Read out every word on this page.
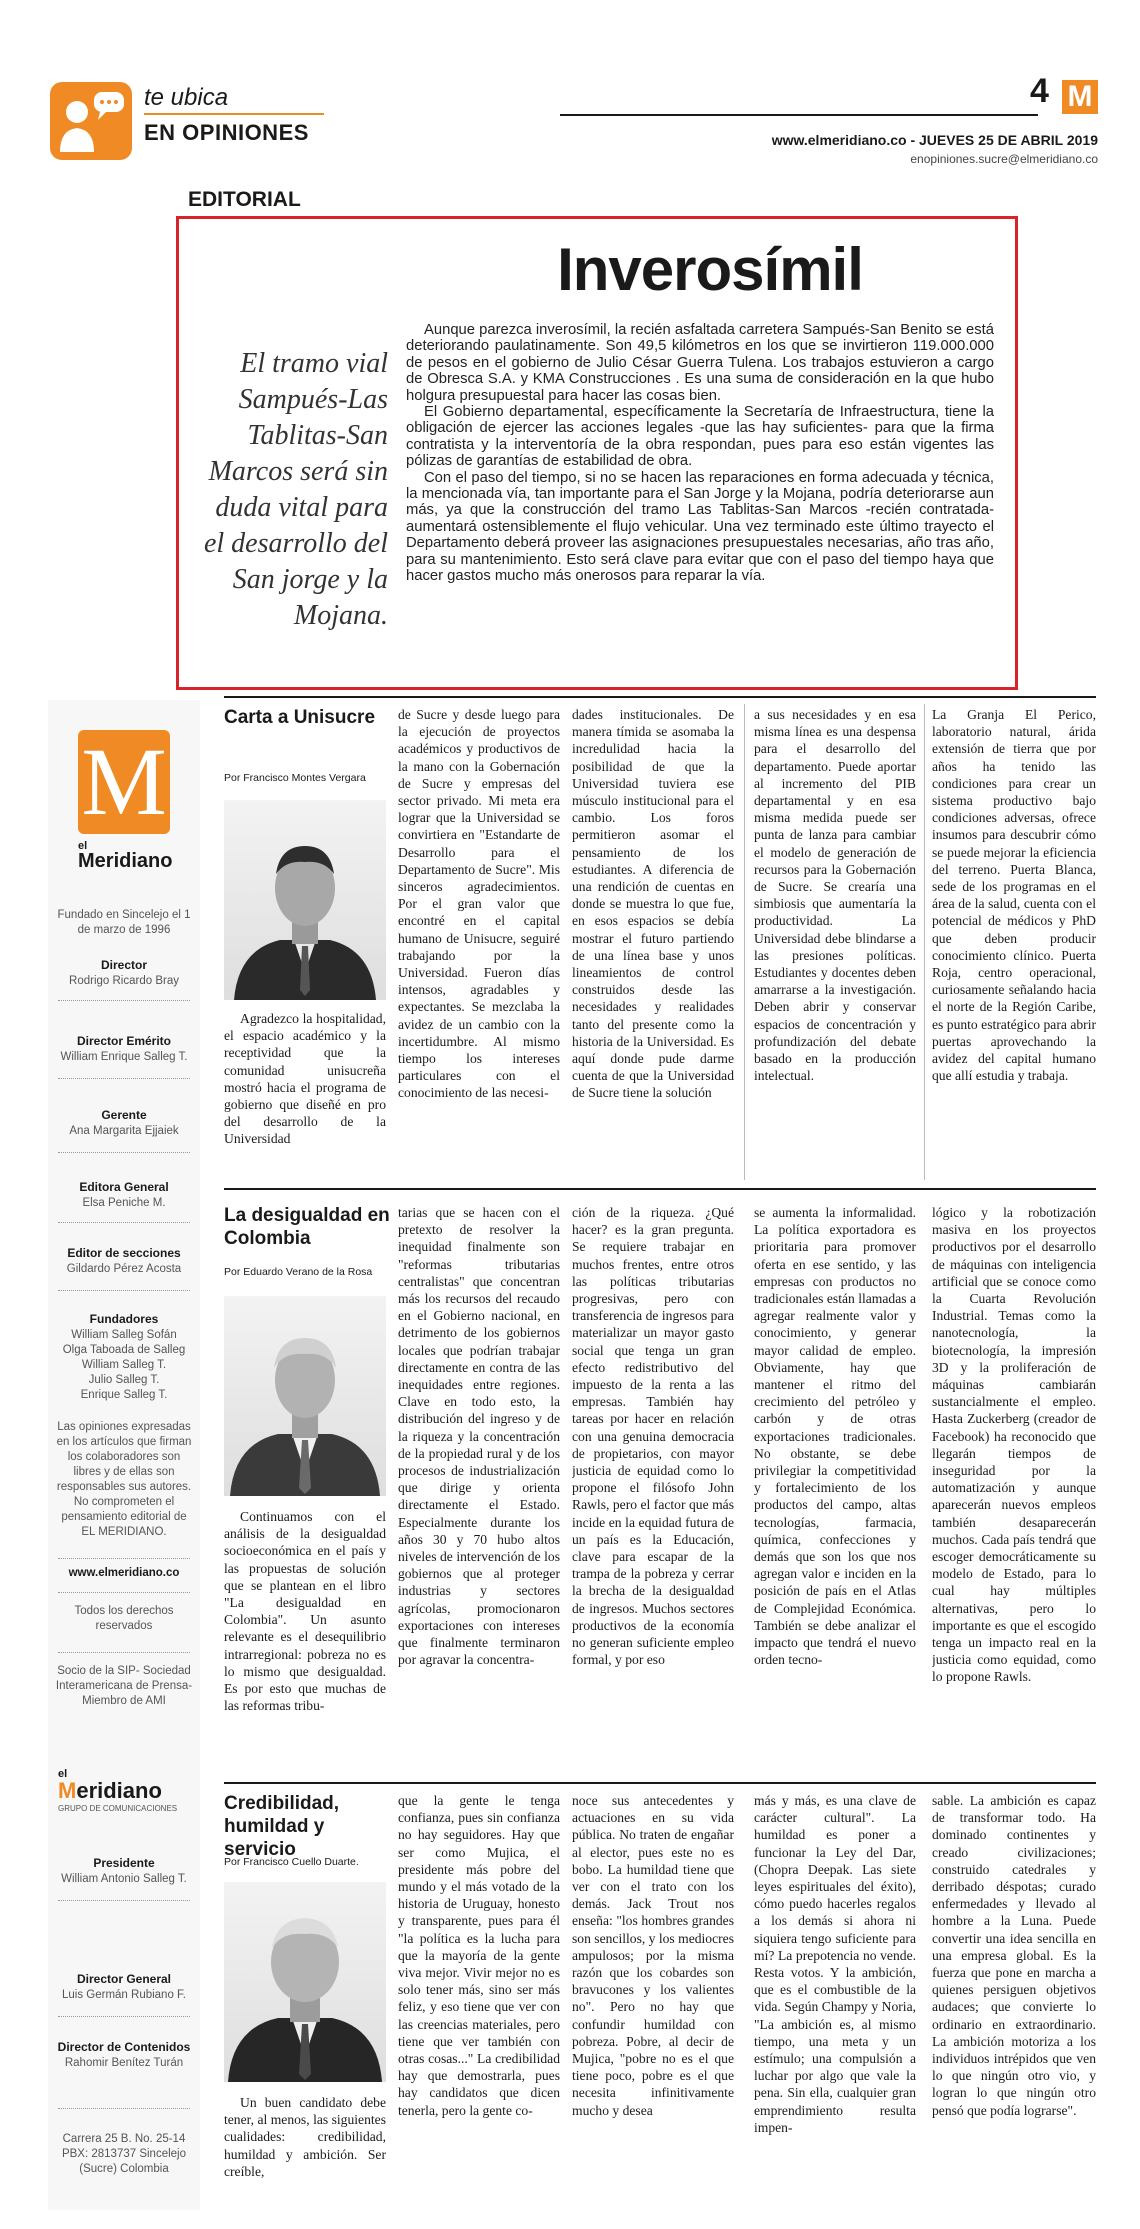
te ubica
EN OPINIONES
4 M
www.elmeridiano.co - JUEVES 25 DE ABRIL 2019
enopiniones.sucre@elmeridiano.co
EDITORIAL
Inverosímil
El tramo vial Sampués-Las Tablitas-San Marcos será sin duda vital para el desarrollo del San jorge y la Mojana.

Aunque parezca inverosímil, la recién asfaltada carretera Sampués-San Benito se está deteriorando paulatinamente. Son 49,5 kilómetros en los que se invirtieron 119.000.000 de pesos en el gobierno de Julio César Guerra Tulena. Los trabajos estuvieron a cargo de Obresca S.A. y KMA Construcciones . Es una suma de consideración en la que hubo holgura presupuestal para hacer las cosas bien.

El Gobierno departamental, específicamente la Secretaría de Infraestructura, tiene la obligación de ejercer las acciones legales -que las hay suficientes- para que la firma contratista y la interventoría de la obra respondan, pues para eso están vigentes las pólizas de garantías de estabilidad de obra.

Con el paso del tiempo, si no se hacen las reparaciones en forma adecuada y técnica, la mencionada vía, tan importante para el San Jorge y la Mojana, podría deteriorarse aun más, ya que la construcción del tramo Las Tablitas-San Marcos -recién contratada- aumentará ostensiblemente el flujo vehicular. Una vez terminado este último trayecto el Departamento deberá proveer las asignaciones presupuestales necesarias, año tras año, para su mantenimiento. Esto será clave para evitar que con el paso del tiempo haya que hacer gastos mucho más onerosos para reparar la vía.

M
el
Meridiano
Fundado en Sincelejo el 1 de marzo de 1996
Director
Rodrigo Ricardo Bray
Director Emérito
William Enrique Salleg T.
Gerente
Ana Margarita Ejjaiek
Editora General
Elsa Peniche M.
Editor de secciones
Gildardo Pérez Acosta
Fundadores
William Salleg Sofán
Olga Taboada de Salleg
William Salleg T.
Julio Salleg T.
Enrique Salleg T.
Las opiniones expresadas en los artículos que firman los colaboradores son libres y de ellas son responsables sus autores. No comprometen el pensamiento editorial de EL MERIDIANO.
www.elmeridiano.co
Todos los derechos reservados
Socio de la SIP- Sociedad Interamericana de Prensa- Miembro de AMI
el
Meridiano
GRUPO DE COMUNICACIONES
Presidente
William Antonio Salleg T.
Director General
Luis Germán Rubiano F.
Director de Contenidos
Rahomir Benítez Turán
Carrera 25 B. No. 25-14 PBX: 2813737 Sincelejo (Sucre) Colombia
Carta a Unisucre
Por Francisco Montes Vergara

Agradezco la hospitalidad, el espacio académico y la receptividad que la comunidad unisucreña mostró hacia el programa de gobierno que diseñé en pro del desarrollo de la Universidad

de Sucre y desde luego para la ejecución de proyectos académicos y productivos de la mano con la Gobernación de Sucre y empresas del sector privado. Mi meta era lograr que la Universidad se convirtiera en "Estandarte de Desarrollo para el Departamento de Sucre". Mis sinceros agradecimientos. Por el gran valor que encontré en el capital humano de Unisucre, seguiré trabajando por la Universidad. Fueron días intensos, agradables y expectantes. Se mezclaba la avidez de un cambio con la incertidumbre. Al mismo tiempo los intereses particulares con el conocimiento de las necesi-

dades institucionales. De manera tímida se asomaba la incredulidad hacia la posibilidad de que la Universidad tuviera ese músculo institucional para el cambio. Los foros permitieron asomar el pensamiento de los estudiantes. A diferencia de una rendición de cuentas en donde se muestra lo que fue, en esos espacios se debía mostrar el futuro partiendo de una línea base y unos lineamientos de control construidos desde las necesidades y realidades tanto del presente como la historia de la Universidad. Es aquí donde pude darme cuenta de que la Universidad de Sucre tiene la solución

a sus necesidades y en esa misma línea es una despensa para el desarrollo del departamento. Puede aportar al incremento del PIB departamental y en esa misma medida puede ser punta de lanza para cambiar el modelo de generación de recursos para la Gobernación de Sucre. Se crearía una simbiosis que aumentaría la productividad. La Universidad debe blindarse a las presiones políticas. Estudiantes y docentes deben amarrarse a la investigación. Deben abrir y conservar espacios de concentración y profundización del debate basado en la producción intelectual.

La Granja El Perico, laboratorio natural, árida extensión de tierra que por años ha tenido las condiciones para crear un sistema productivo bajo condiciones adversas, ofrece insumos para descubrir cómo se puede mejorar la eficiencia del terreno. Puerta Blanca, sede de los programas en el área de la salud, cuenta con el potencial de médicos y PhD que deben producir conocimiento clínico. Puerta Roja, centro operacional, curiosamente señalando hacia el norte de la Región Caribe, es punto estratégico para abrir puertas aprovechando la avidez del capital humano que allí estudia y trabaja.

La desigualdad en Colombia
Por Eduardo Verano de la Rosa

Continuamos con el análisis de la desigualdad socioeconómica en el país y las propuestas de solución que se plantean en el libro "La desigualdad en Colombia". Un asunto relevante es el desequilibrio intrarregional: pobreza no es lo mismo que desigualdad. Es por esto que muchas de las reformas tribu-

tarias que se hacen con el pretexto de resolver la inequidad finalmente son "reformas tributarias centralistas" que concentran más los recursos del recaudo en el Gobierno nacional, en detrimento de los gobiernos locales que podrían trabajar directamente en contra de las inequidades entre regiones. Clave en todo esto, la distribución del ingreso y de la riqueza y la concentración de la propiedad rural y de los procesos de industrialización que dirige y orienta directamente el Estado. Especialmente durante los años 30 y 70 hubo altos niveles de intervención de los gobiernos que al proteger industrias y sectores agrícolas, promocionaron exportaciones con intereses que finalmente terminaron por agravar la concentra-

ción de la riqueza. ¿Qué hacer? es la gran pregunta. Se requiere trabajar en muchos frentes, entre otros las políticas tributarias progresivas, pero con transferencia de ingresos para materializar un mayor gasto social que tenga un gran efecto redistributivo del impuesto de la renta a las empresas. También hay tareas por hacer en relación con una genuina democracia de propietarios, con mayor justicia de equidad como lo propone el filósofo John Rawls, pero el factor que más incide en la equidad futura de un país es la Educación, clave para escapar de la trampa de la pobreza y cerrar la brecha de la desigualdad de ingresos. Muchos sectores productivos de la economía no generan suficiente empleo formal, y por eso

se aumenta la informalidad. La política exportadora es prioritaria para promover oferta en ese sentido, y las empresas con productos no tradicionales están llamadas a agregar realmente valor y conocimiento, y generar mayor calidad de empleo. Obviamente, hay que mantener el ritmo del crecimiento del petróleo y carbón y de otras exportaciones tradicionales. No obstante, se debe privilegiar la competitividad y fortalecimiento de los productos del campo, altas tecnologías, farmacia, química, confecciones y demás que son los que nos agregan valor e inciden en la posición de país en el Atlas de Complejidad Económica. También se debe analizar el impacto que tendrá el nuevo orden tecno-

lógico y la robotización masiva en los proyectos productivos por el desarrollo de máquinas con inteligencia artificial que se conoce como la Cuarta Revolución Industrial. Temas como la nanotecnología, la biotecnología, la impresión 3D y la proliferación de máquinas cambiarán sustancialmente el empleo. Hasta Zuckerberg (creador de Facebook) ha reconocido que llegarán tiempos de inseguridad por la automatización y aunque aparecerán nuevos empleos también desaparecerán muchos. Cada país tendrá que escoger democráticamente su modelo de Estado, para lo cual hay múltiples alternativas, pero lo importante es que el escogido tenga un impacto real en la justicia como equidad, como lo propone Rawls.

Credibilidad, humildad y servicio
Por Francisco Cuello Duarte.

Un buen candidato debe tener, al menos, las siguientes cualidades: credibilidad, humildad y ambición. Ser creíble,

que la gente le tenga confianza, pues sin confianza no hay seguidores. Hay que ser como Mujica, el presidente más pobre del mundo y el más votado de la historia de Uruguay, honesto y transparente, pues para él "la política es la lucha para que la mayoría de la gente viva mejor. Vivir mejor no es solo tener más, sino ser más feliz, y eso tiene que ver con las creencias materiales, pero tiene que ver también con otras cosas..." La credibilidad hay que demostrarla, pues hay candidatos que dicen tenerla, pero la gente co-

noce sus antecedentes y actuaciones en su vida pública. No traten de engañar al elector, pues este no es bobo. La humildad tiene que ver con el trato con los demás. Jack Trout nos enseña: "los hombres grandes son sencillos, y los mediocres ampulosos; por la misma razón que los cobardes son bravucones y los valientes no". Pero no hay que confundir humildad con pobreza. Pobre, al decir de Mujica, "pobre no es el que tiene poco, pobre es el que necesita infinitivamente mucho y desea

más y más, es una clave de carácter cultural". La humildad es poner a funcionar la Ley del Dar, (Chopra Deepak. Las siete leyes espirituales del éxito), cómo puedo hacerles regalos a los demás si ahora ni siquiera tengo suficiente para mí? La prepotencia no vende. Resta votos. Y la ambición, que es el combustible de la vida. Según Champy y Noria, "La ambición es, al mismo tiempo, una meta y un estímulo; una compulsión a luchar por algo que vale la pena. Sin ella, cualquier gran emprendimiento resulta impen-

sable. La ambición es capaz de transformar todo. Ha dominado continentes y creado civilizaciones; construido catedrales y derribado déspotas; curado enfermedades y llevado al hombre a la Luna. Puede convertir una idea sencilla en una empresa global. Es la fuerza que pone en marcha a quienes persiguen objetivos audaces; que convierte lo ordinario en extraordinario. La ambición motoriza a los individuos intrépidos que ven lo que ningún otro vio, y logran lo que ningún otro pensó que podía lograrse".
